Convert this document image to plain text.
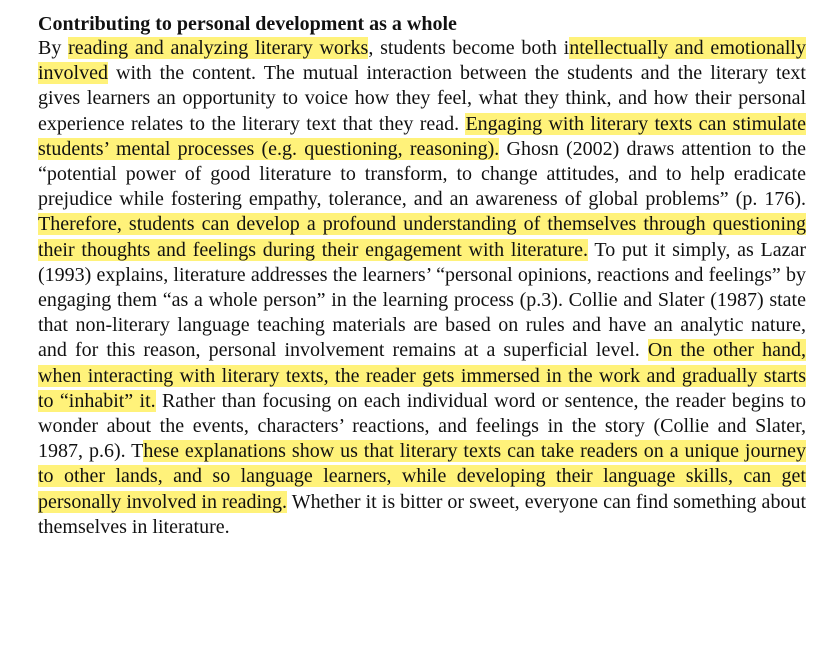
Contributing to personal development as a whole

By reading and analyzing literary works, students become both intellectually and emotionally involved with the content. The mutual interaction between the students and the literary text gives learners an opportunity to voice how they feel, what they think, and how their personal experience relates to the literary text that they read. Engaging with literary texts can stimulate students’ mental processes (e.g. questioning, reasoning). Ghosn (2002) draws attention to the “potential power of good literature to transform, to change attitudes, and to help eradicate prejudice while fostering empathy, tolerance, and an awareness of global problems” (p. 176). Therefore, students can develop a profound understanding of themselves through questioning their thoughts and feelings during their engagement with literature. To put it simply, as Lazar (1993) explains, literature addresses the learners’ “personal opinions, reactions and feelings” by engaging them “as a whole person” in the learning process (p.3). Collie and Slater (1987) state that non-literary language teaching materials are based on rules and have an analytic nature, and for this reason, personal involvement remains at a superficial level. On the other hand, when interacting with literary texts, the reader gets immersed in the work and gradually starts to “inhabit” it. Rather than focusing on each individual word or sentence, the reader begins to wonder about the events, characters’ reactions, and feelings in the story (Collie and Slater, 1987, p.6). These explanations show us that literary texts can take readers on a unique journey to other lands, and so language learners, while developing their language skills, can get personally involved in reading. Whether it is bitter or sweet, everyone can find something about themselves in literature.
